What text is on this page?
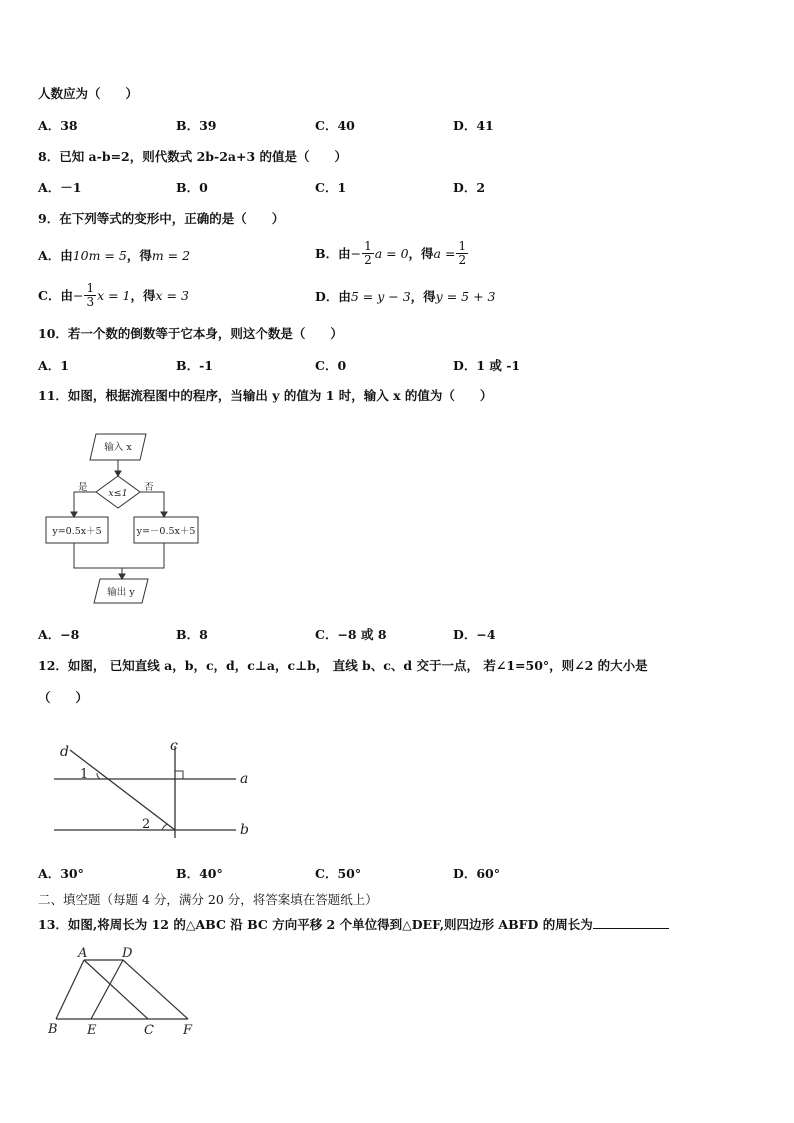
人数应为（　　）
A．38	B．39	C．40	D．41
8．已知 a-b=2，则代数式 2b-2a+3 的值是（　　）
A．－1	B．0	C．1	D．2
9．在下列等式的变形中，正确的是（　　）
A．由10m = 5，得m = 2	B．由 − $\frac{1}{2}$ a = 0 ，得 $a = \frac{1}{2}$
C．由 − $\frac{1}{3}$ x = 1 ，得 x = 3	D．由5 = y − 3，得y = 5 + 3
10．若一个数的倒数等于它本身，则这个数是（　　）
A．1	B．-1	C．0	D．1 或 -1
11．如图，根据流程图中的程序，当输出 y 的值为 1 时，输入 x 的值为（　　）
输入 x
x≤1
是	否
y=0.5x＋5	y=－0.5x＋5
输出 y
A．−8	B．8	C．−8 或 8	D．−4
12．如图， 已知直线 a，b，c，d，c⊥a，c⊥b， 直线 b、c、d 交于一点， 若∠1=50°，则∠2 的大小是
（　　）
d	c
a
b
1
2
A．30°	B．40°	C．50°	D．60°
二、填空题（每题 4 分，满分 20 分，将答案填在答题纸上）
13．如图,将周长为 12 的△ABC 沿 BC 方向平移 2 个单位得到△DEF,则四边形 ABFD 的周长为
A	D
B E	C F
